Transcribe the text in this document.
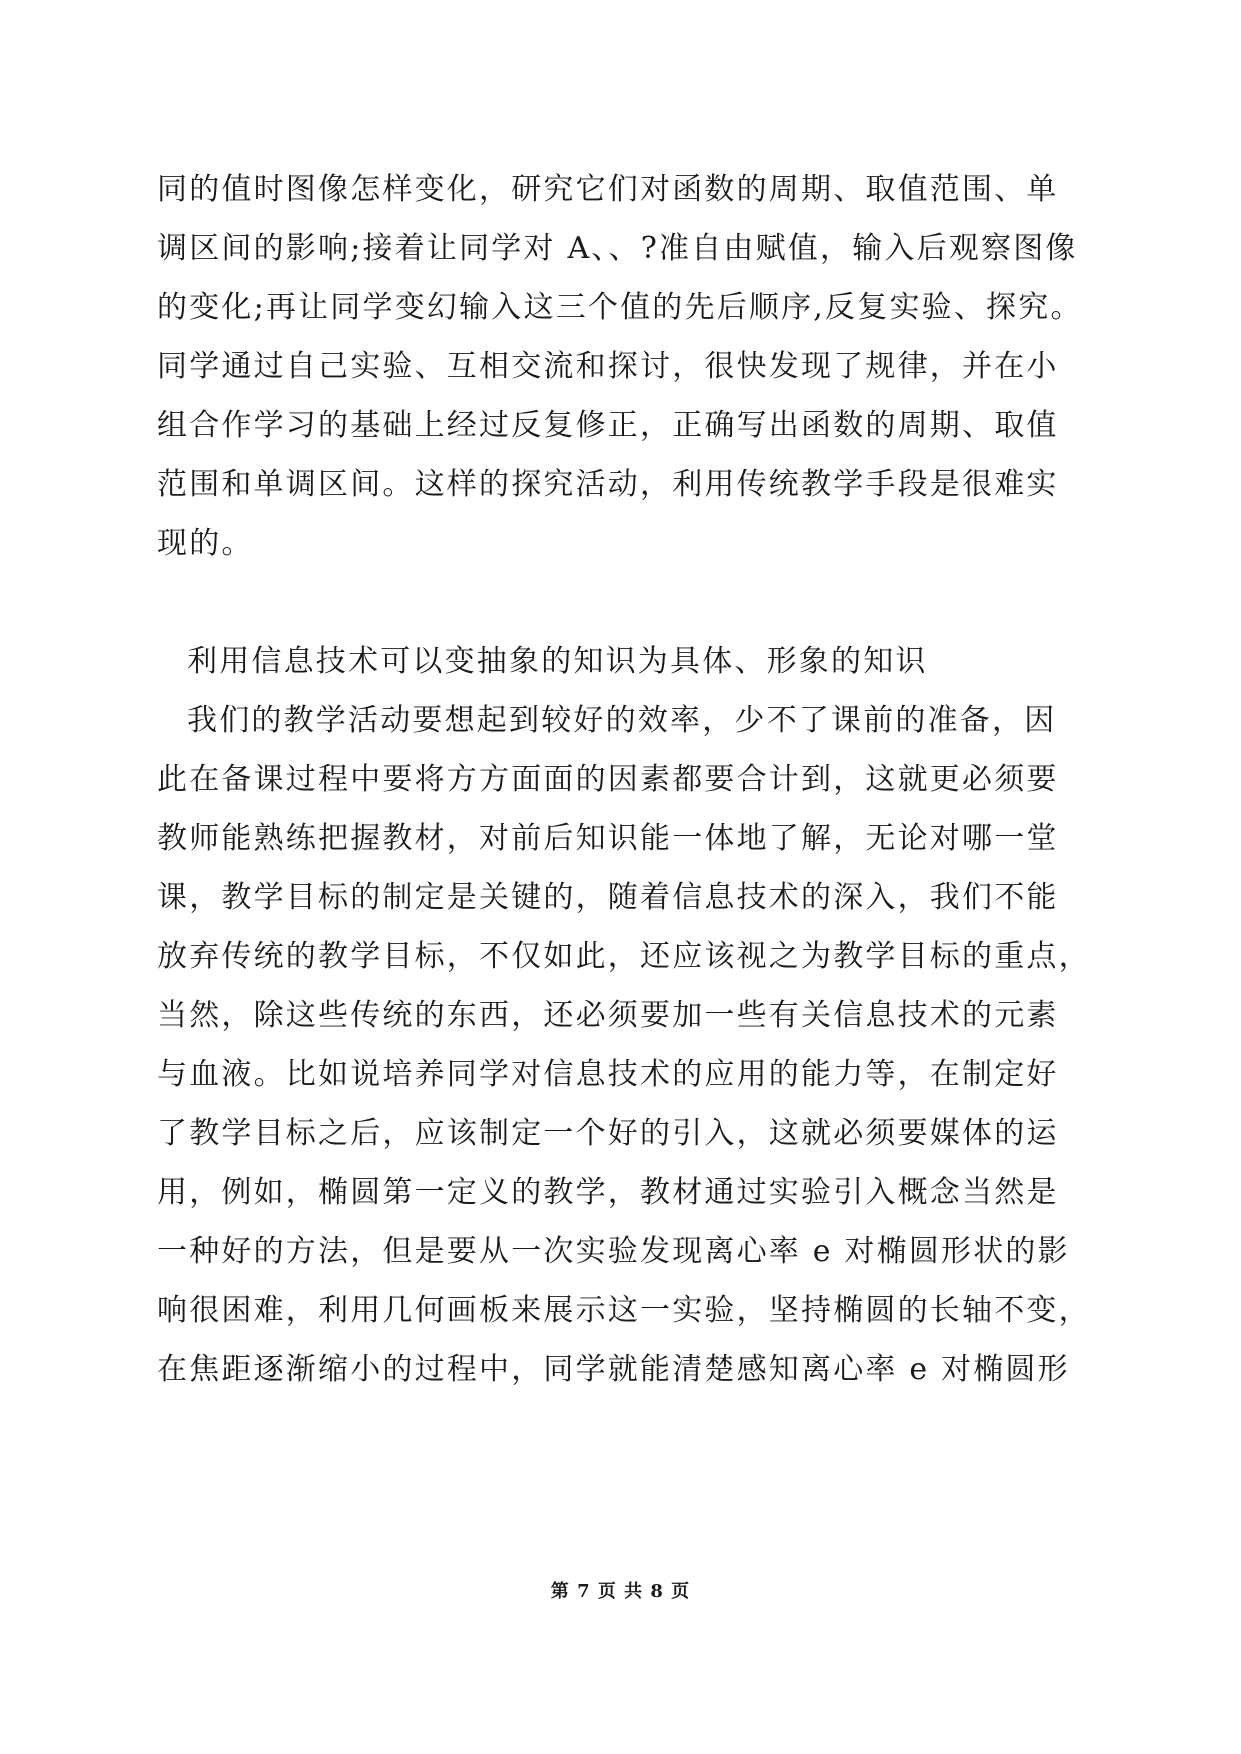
同的值时图像怎样变化，研究它们对函数的周期、取值范围、单
调区间的影响;接着让同学对 A、、?准自由赋值，输入后观察图像
的变化;再让同学变幻输入这三个值的先后顺序,反复实验、探究。
同学通过自己实验、互相交流和探讨，很快发现了规律，并在小
组合作学习的基础上经过反复修正，正确写出函数的周期、取值
范围和单调区间。这样的探究活动，利用传统教学手段是很难实
现的。
利用信息技术可以变抽象的知识为具体、形象的知识
我们的教学活动要想起到较好的效率，少不了课前的准备，因
此在备课过程中要将方方面面的因素都要合计到，这就更必须要
教师能熟练把握教材，对前后知识能一体地了解，无论对哪一堂
课，教学目标的制定是关键的，随着信息技术的深入，我们不能
放弃传统的教学目标，不仅如此，还应该视之为教学目标的重点，
当然，除这些传统的东西，还必须要加一些有关信息技术的元素
与血液。比如说培养同学对信息技术的应用的能力等，在制定好
了教学目标之后，应该制定一个好的引入，这就必须要媒体的运
用，例如，椭圆第一定义的教学，教材通过实验引入概念当然是
一种好的方法，但是要从一次实验发现离心率 e 对椭圆形状的影
响很困难，利用几何画板来展示这一实验，坚持椭圆的长轴不变，
在焦距逐渐缩小的过程中，同学就能清楚感知离心率 e 对椭圆形
第 7 页 共 8 页
